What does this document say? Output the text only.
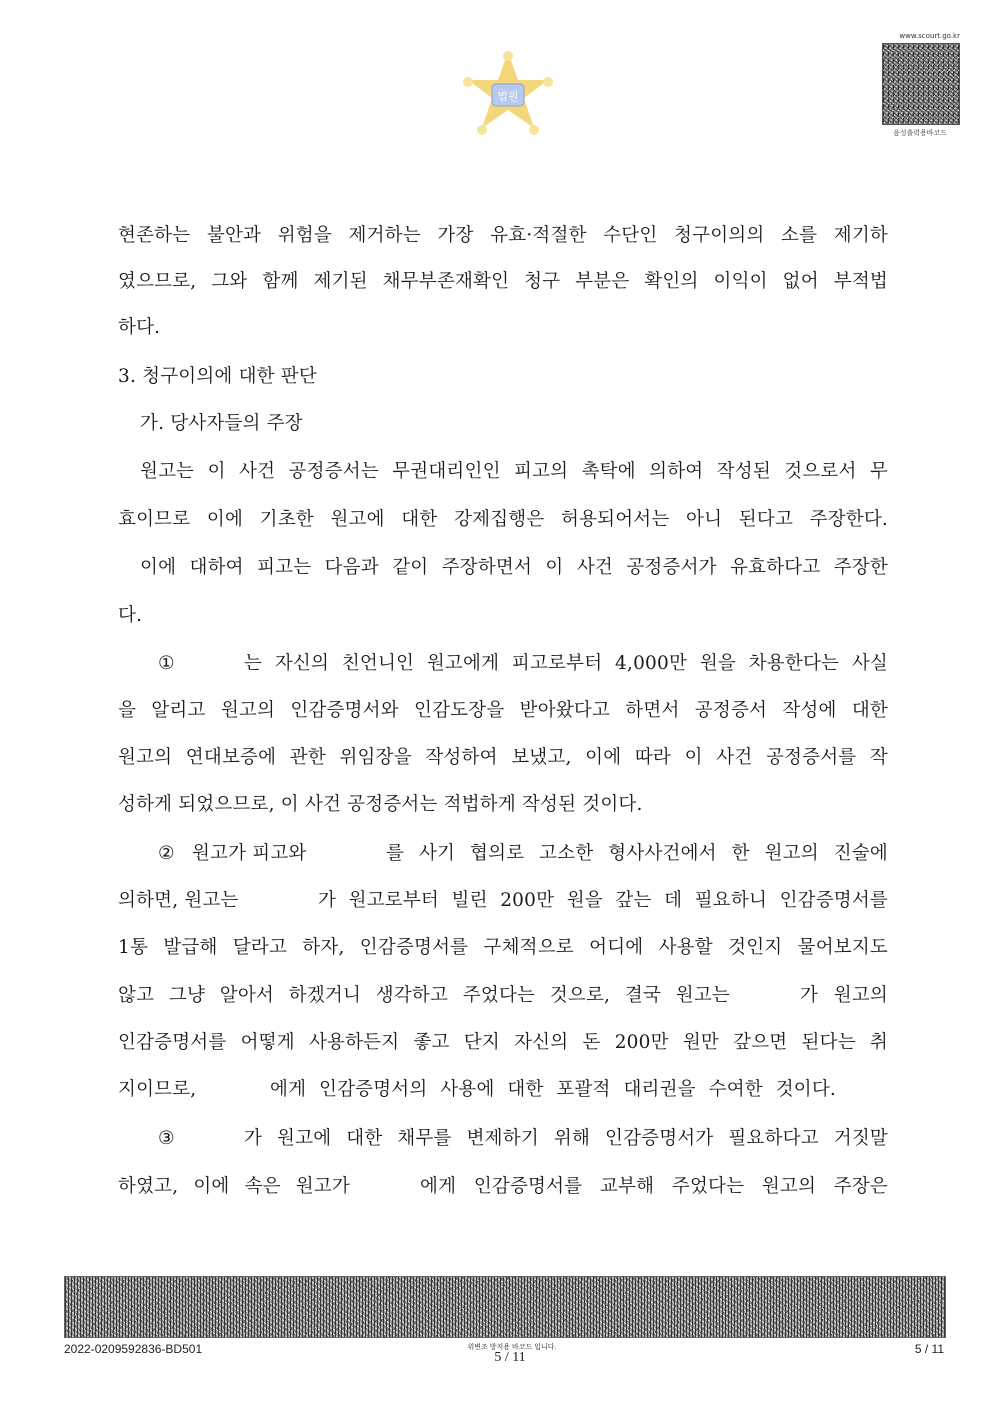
법원
www.scourt.go.kr
음성출력용바코드
현존하는 불안과 위험을 제거하는 가장 유효·적절한 수단인 청구이의의 소를 제기하
였으므로, 그와 함께 제기된 채무부존재확인 청구 부분은 확인의 이익이 없어 부적법
하다.
3. 청구이의에 대한 판단
가. 당사자들의 주장
원고는 이 사건 공정증서는 무권대리인인 피고의 촉탁에 의하여 작성된 것으로서 무
효이므로 이에 기초한 원고에 대한 강제집행은 허용되어서는 아니 된다고 주장한다.
이에 대하여 피고는 다음과 같이 주장하면서 이 사건 공정증서가 유효하다고 주장한
다.
①	는 자신의 친언니인 원고에게 피고로부터 4,000만 원을 차용한다는 사실
을 알리고 원고의 인감증명서와 인감도장을 받아왔다고 하면서 공정증서 작성에 대한
원고의 연대보증에 관한 위임장을 작성하여 보냈고, 이에 따라 이 사건 공정증서를 작
성하게 되었으므로, 이 사건 공정증서는 적법하게 작성된 것이다.
② 원고가 피고와	를 사기 협의로 고소한 형사사건에서 한 원고의 진술에
의하면, 원고는	가 원고로부터 빌린 200만 원을 갚는 데 필요하니 인감증명서를
1통 발급해 달라고 하자, 인감증명서를 구체적으로 어디에 사용할 것인지 물어보지도
않고 그냥 알아서 하겠거니 생각하고 주었다는 것으로, 결국 원고는	가 원고의
인감증명서를 어떻게 사용하든지 좋고 단지 자신의 돈 200만 원만 갚으면 된다는 취
지이므로,	에게 인감증명서의 사용에 대한 포괄적 대리권을 수여한 것이다.
③	가 원고에 대한 채무를 변제하기 위해 인감증명서가 필요하다고 거짓말
하였고, 이에 속은 원고가	에게 인감증명서를 교부해 주었다는 원고의 주장은
2022-0209592836-BD501	위변조 방지용 바코드 입니다.
5 / 11
5 / 11
